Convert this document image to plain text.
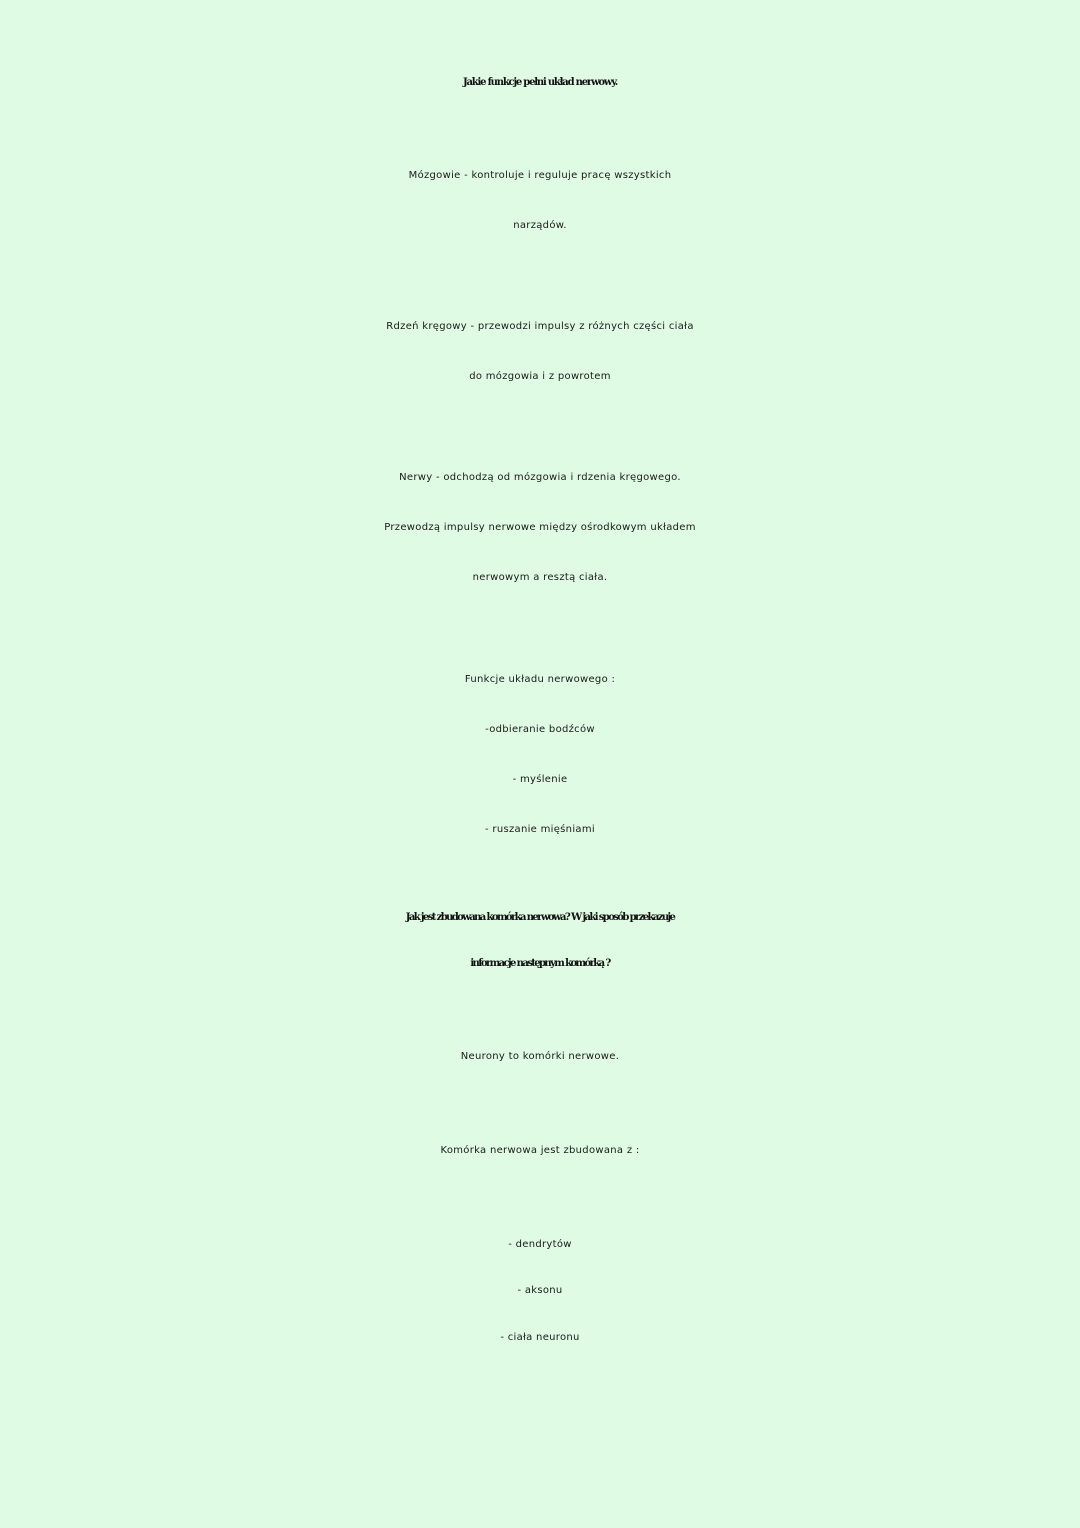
Jakie funkcje pełni układ nerwowy.

Mózgowie - kontroluje i reguluje pracę wszystkich

narządów.

Rdzeń kręgowy - przewodzi impulsy z różnych części ciała

do mózgowia i z powrotem

Nerwy - odchodzą od mózgowia i rdzenia kręgowego.

Przewodzą impulsy nerwowe między ośrodkowym układem

nerwowym a resztą ciała.

Funkcje układu nerwowego :

-odbieranie bodźców

- myślenie

- ruszanie mięśniami

Jak jest zbudowana komórka nerwowa? W jaki sposób przekazuje
informacje następnym komórką ?

Neurony to komórki nerwowe.

Komórka nerwowa jest zbudowana z :

- dendrytów

- aksonu

- ciała neuronu
